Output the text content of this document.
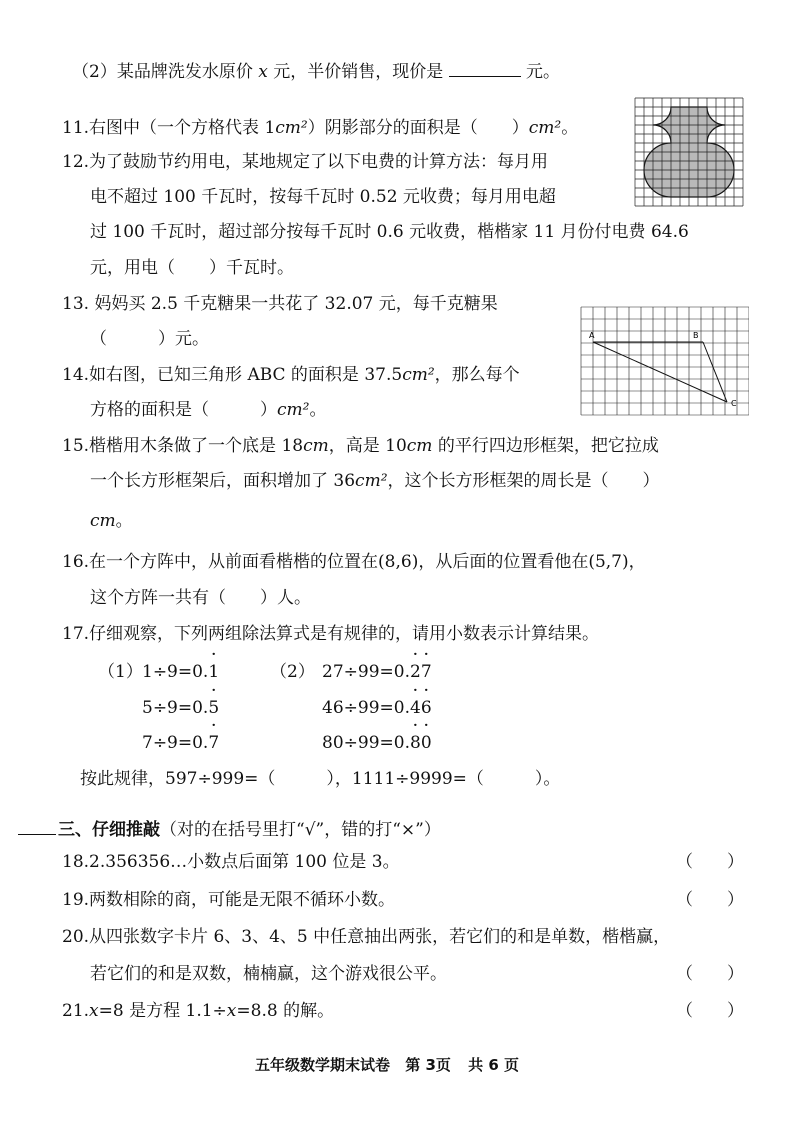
（2）某品牌洗发水原价 x 元，半价销售，现价是	元。
11.右图中（一个方格代表 1cm²）阴影部分的面积是（　　）cm²。
12.为了鼓励节约用电，某地规定了以下电费的计算方法：每月用
电不超过 100 千瓦时，按每千瓦时 0.52 元收费；每月用电超
过 100 千瓦时，超过部分按每千瓦时 0.6 元收费，楷楷家 11 月份付电费 64.6
元，用电（　　）千瓦时。
13. 妈妈买 2.5 千克糖果一共花了 32.07 元，每千克糖果
（　　　）元。
14.如右图，已知三角形 ABC 的面积是 37.5cm²，那么每个
方格的面积是（　　　）cm²。
A	B
C
15.楷楷用木条做了一个底是 18cm，高是 10cm 的平行四边形框架，把它拉成
一个长方形框架后，面积增加了 36cm²，这个长方形框架的周长是（　　）
cm。
16.在一个方阵中，从前面看楷楷的位置在(8,6)，从后面的位置看他在(5,7)，
这个方阵一共有（　　）人。
17.仔细观察，下列两组除法算式是有规律的，请用小数表示计算结果。
（1） 1÷9=0.· 1
5÷9=0.· 5
7÷9=0.· 7
（2） 27÷99=0.· 2· 7
46÷99=0.· 4· 6
80÷99=0.· 8· 0
按此规律，597÷999=（　　　），1111÷9999=（　　　）。
三、仔细推敲（对的在括号里打“√”，错的打“×”）
18.2.356356…小数点后面第 100 位是 3。	（　　）
19.两数相除的商，可能是无限不循环小数。	（　　）
20.从四张数字卡片 6、3、4、5 中任意抽出两张，若它们的和是单数，楷楷赢，
若它们的和是双数，楠楠赢，这个游戏很公平。	（　　）
21.x=8 是方程 1.1÷x=8.8 的解。	（　　）
五年级数学期末试卷 第 3页 共 6 页
